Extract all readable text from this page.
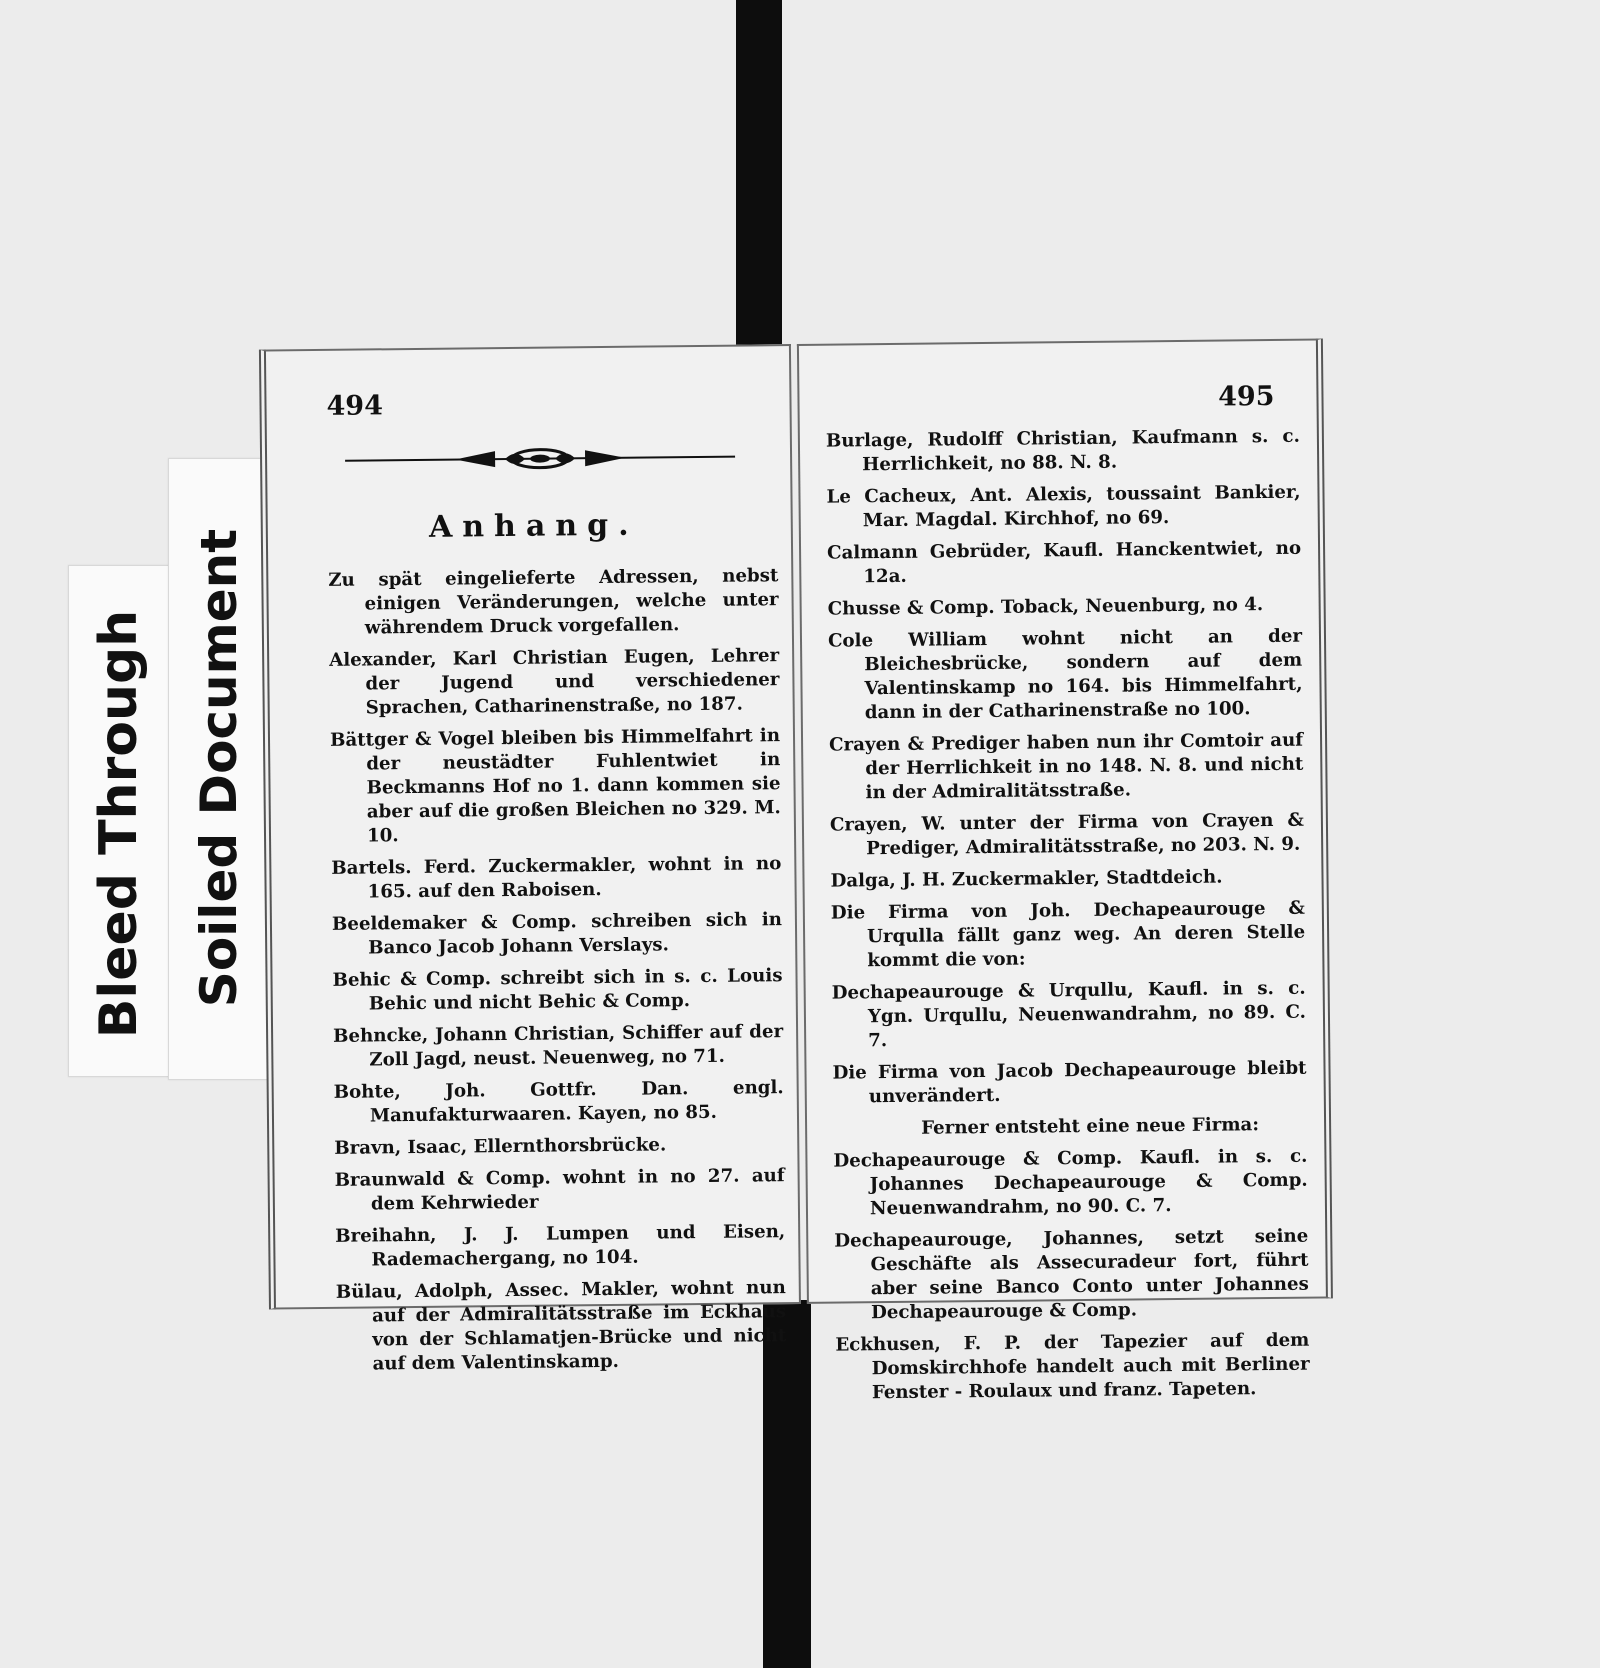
Bleed Through Soiled Document
494
Anhang.
Zu spät eingelieferte Adressen, nebst einigen Veränderungen, welche unter währendem Druck vorgefallen.
Alexander, Karl Christian Eugen, Lehrer der Jugend und verschiedener Sprachen, Catharinenstraße, no 187.
Bättger & Vogel bleiben bis Himmelfahrt in der neustädter Fuhlentwiet in Beckmanns Hof no 1. dann kommen sie aber auf die großen Bleichen no 329. M. 10.
Bartels. Ferd. Zuckermakler, wohnt in no 165. auf den Raboisen.
Beeldemaker & Comp. schreiben sich in Banco Jacob Johann Verslays.
Behic & Comp. schreibt sich in s. c. Louis Behic und nicht Behic & Comp.
Behncke, Johann Christian, Schiffer auf der Zoll Jagd, neust. Neuenweg, no 71.
Bohte, Joh. Gottfr. Dan. engl. Manufakturwaaren. Kayen, no 85.
Bravn, Isaac, Ellernthorsbrücke.
Braunwald & Comp. wohnt in no 27. auf dem Kehrwieder
Breihahn, J. J. Lumpen und Eisen, Rademachergang, no 104.
Bülau, Adolph, Assec. Makler, wohnt nun auf der Admiralitätsstraße im Eckhaus von der Schlamatjen-Brücke und nicht auf dem Valentinskamp.
495
Burlage, Rudolff Christian, Kaufmann s. c. Herrlichkeit, no 88. N. 8.
Le Cacheux, Ant. Alexis, toussaint Bankier, Mar. Magdal. Kirchhof, no 69.
Calmann Gebrüder, Kaufl. Hanckentwiet, no 12a.
Chusse & Comp. Toback, Neuenburg, no 4.
Cole William wohnt nicht an der Bleichesbrücke, sondern auf dem Valentinskamp no 164. bis Himmelfahrt, dann in der Catharinenstraße no 100.
Crayen & Prediger haben nun ihr Comtoir auf der Herrlichkeit in no 148. N. 8. und nicht in der Admiralitätsstraße.
Crayen, W. unter der Firma von Crayen & Prediger, Admiralitätsstraße, no 203. N. 9.
Dalga, J. H. Zuckermakler, Stadtdeich.
Die Firma von Joh. Dechapeaurouge & Urqulla fällt ganz weg. An deren Stelle kommt die von:
Dechapeaurouge & Urqullu, Kaufl. in s. c. Ygn. Urqullu, Neuenwandrahm, no 89. C. 7.
Die Firma von Jacob Dechapeaurouge bleibt unverändert.
Ferner entsteht eine neue Firma:
Dechapeaurouge & Comp. Kaufl. in s. c. Johannes Dechapeaurouge & Comp. Neuenwandrahm, no 90. C. 7.
Dechapeaurouge, Johannes, setzt seine Geschäfte als Assecuradeur fort, führt aber seine Banco Conto unter Johannes Dechapeaurouge & Comp.
Eckhusen, F. P. der Tapezier auf dem Domskirchhofe handelt auch mit Berliner Fenster - Roulaux und franz. Tapeten.
